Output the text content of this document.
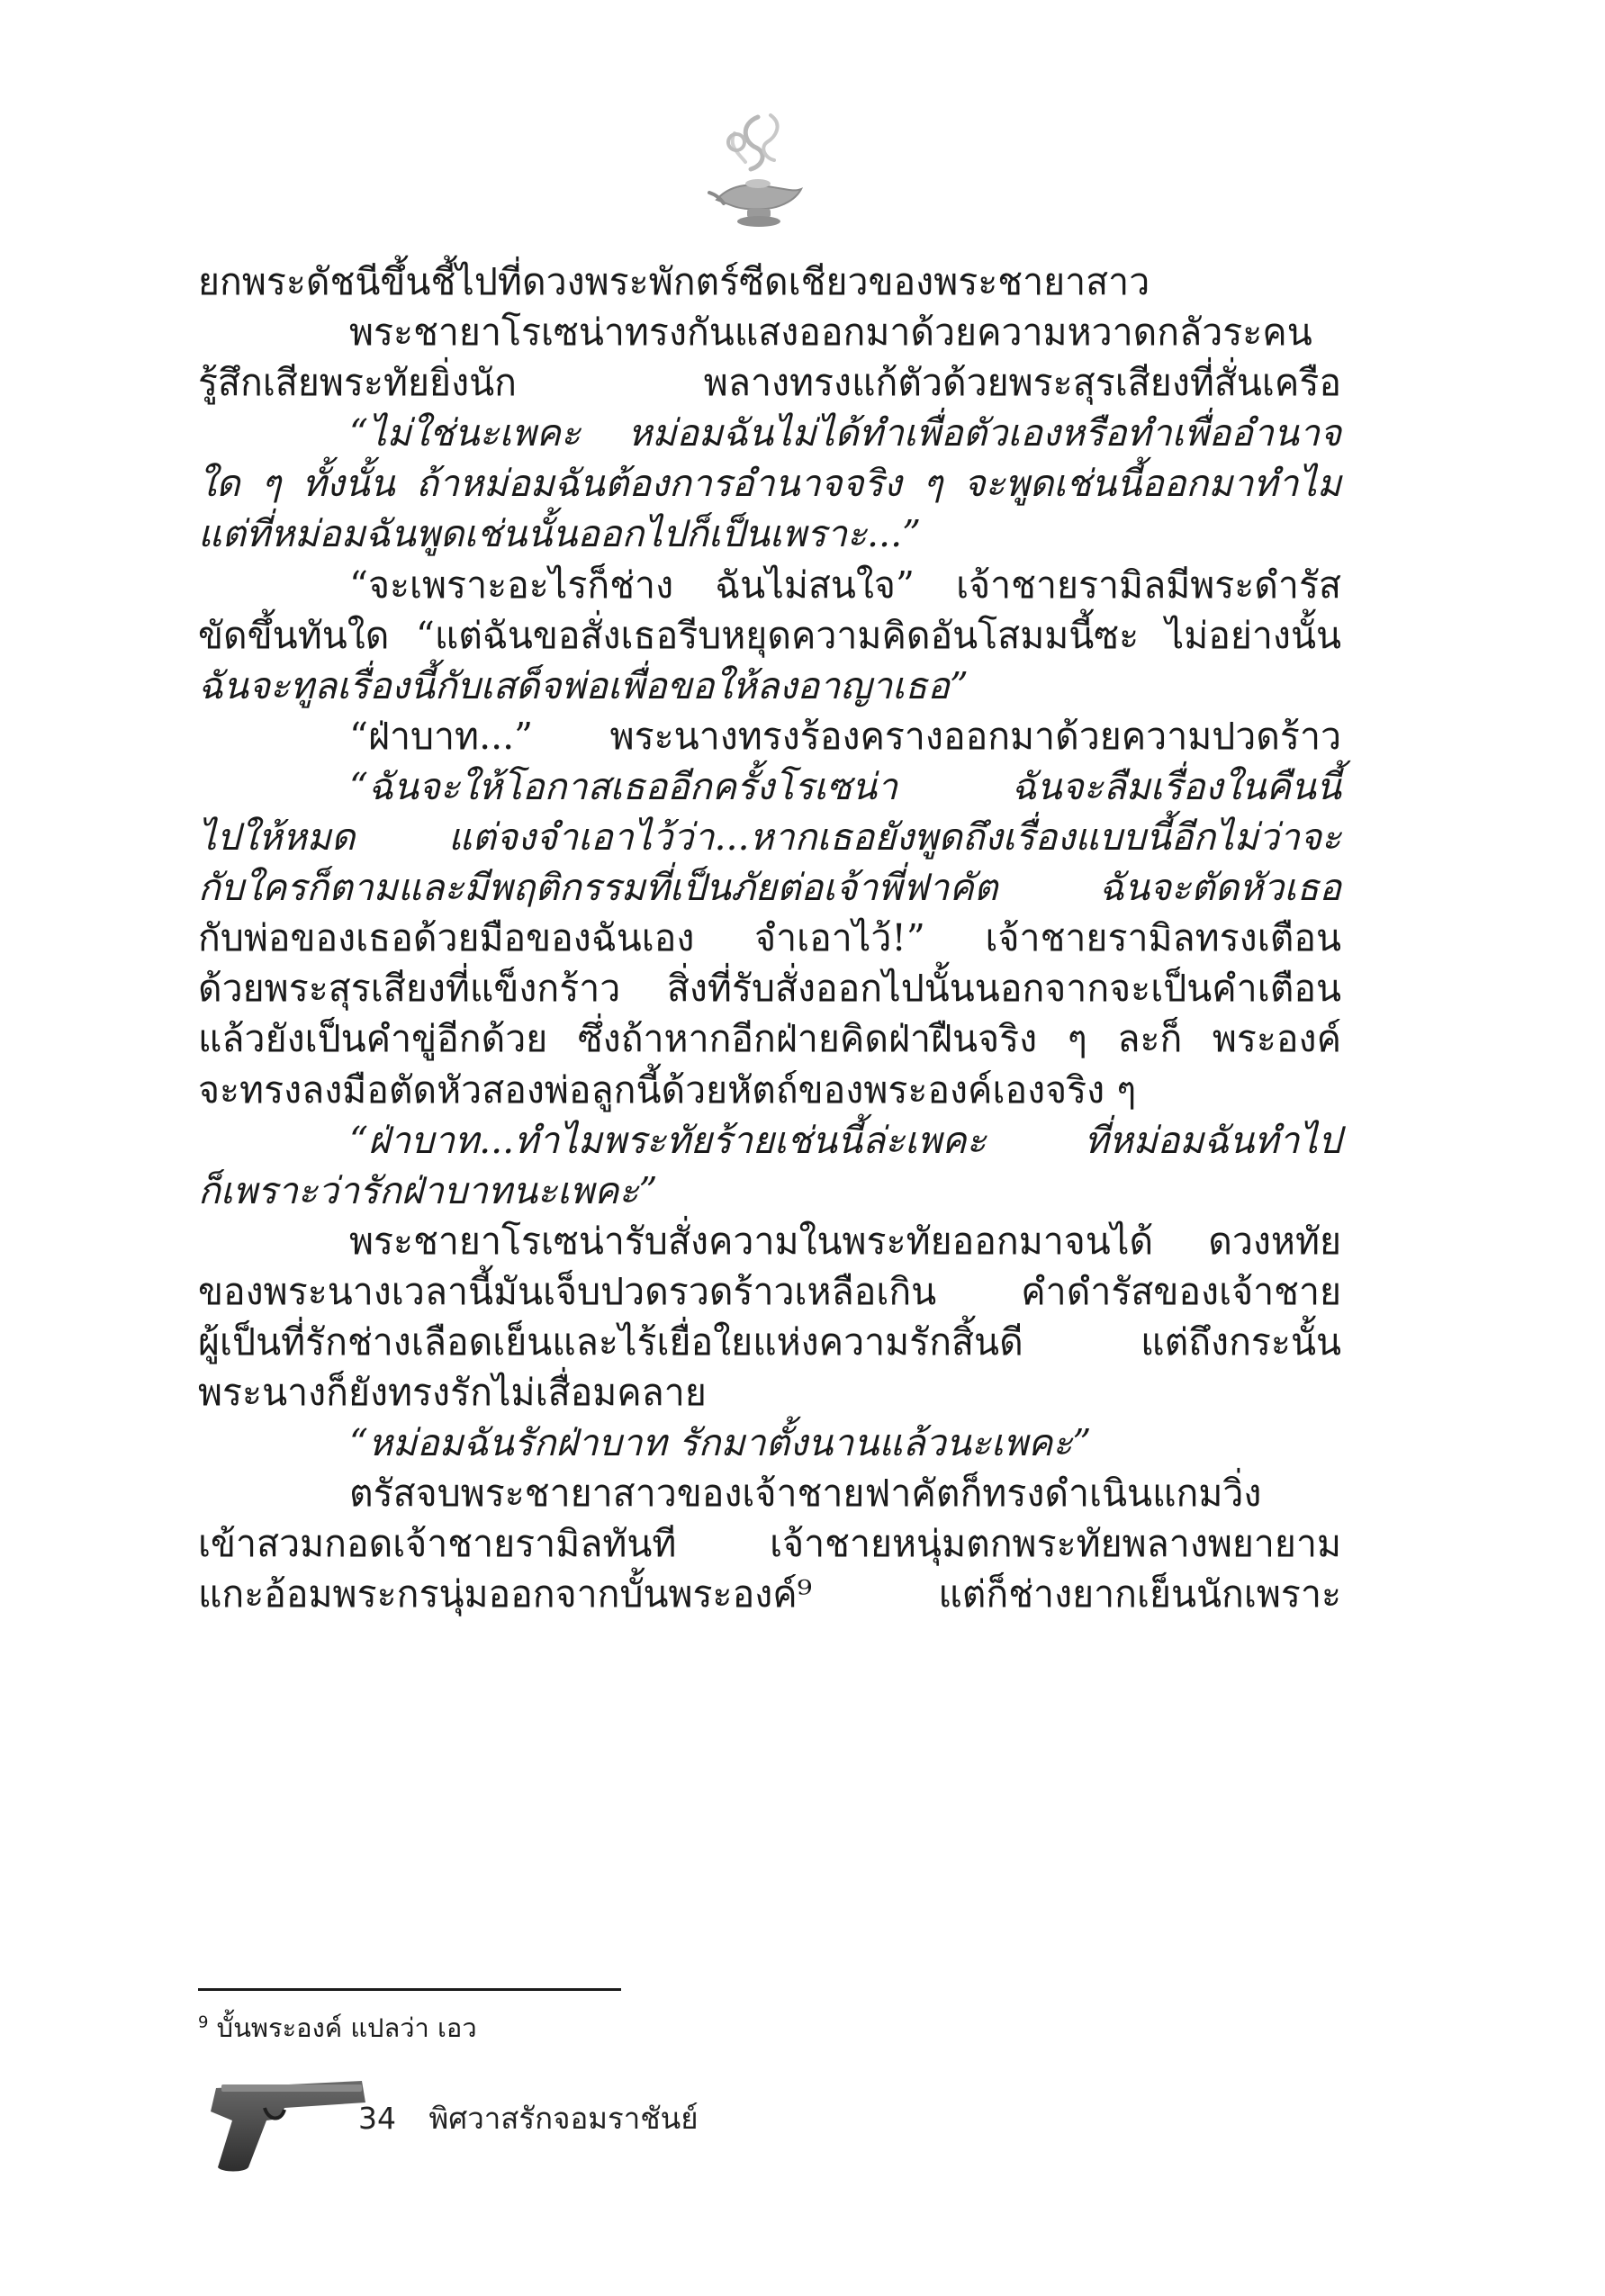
ยกพระดัชนีขึ้นชี้ไปที่ดวงพระพักตร์ซีดเชียวของพระชายาสาว
พระชายาโรเซน่าทรงกันแสงออกมาด้วยความหวาดกลัวระคน
รู้สึกเสียพระทัยยิ่งนัก พลางทรงแก้ตัวด้วยพระสุรเสียงที่สั่นเครือ
“ไม่ใช่นะเพคะ หม่อมฉันไม่ได้ทำเพื่อตัวเองหรือทำเพื่ออำนาจ
ใด ๆ ทั้งนั้น ถ้าหม่อมฉันต้องการอำนาจจริง ๆ จะพูดเช่นนี้ออกมาทำไม
แต่ที่หม่อมฉันพูดเช่นนั้นออกไปก็เป็นเพราะ...”
“จะเพราะอะไรก็ช่าง ฉันไม่สนใจ” เจ้าชายรามิลมีพระดำรัส
ขัดขึ้นทันใด “แต่ฉันขอสั่งเธอรีบหยุดความคิดอันโสมมนี้ซะ ไม่อย่างนั้น
ฉันจะทูลเรื่องนี้กับเสด็จพ่อเพื่อขอให้ลงอาญาเธอ”
“ฝ่าบาท...” พระนางทรงร้องครางออกมาด้วยความปวดร้าว
“ฉันจะให้โอกาสเธออีกครั้งโรเซน่า ฉันจะลืมเรื่องในคืนนี้
ไปให้หมด แต่จงจำเอาไว้ว่า...หากเธอยังพูดถึงเรื่องแบบนี้อีกไม่ว่าจะ
กับใครก็ตามและมีพฤติกรรมที่เป็นภัยต่อเจ้าพี่ฟาคัต ฉันจะตัดหัวเธอ
กับพ่อของเธอด้วยมือของฉันเอง จำเอาไว้!” เจ้าชายรามิลทรงเตือน
ด้วยพระสุรเสียงที่แข็งกร้าว สิ่งที่รับสั่งออกไปนั้นนอกจากจะเป็นคำเตือน
แล้วยังเป็นคำขู่อีกด้วย ซึ่งถ้าหากอีกฝ่ายคิดฝ่าฝืนจริง ๆ ละก็ พระองค์
จะทรงลงมือตัดหัวสองพ่อลูกนี้ด้วยหัตถ์ของพระองค์เองจริง ๆ
“ฝ่าบาท...ทำไมพระทัยร้ายเช่นนี้ล่ะเพคะ ที่หม่อมฉันทำไป
ก็เพราะว่ารักฝ่าบาทนะเพคะ”
พระชายาโรเซน่ารับสั่งความในพระทัยออกมาจนได้ ดวงหทัย
ของพระนางเวลานี้มันเจ็บปวดรวดร้าวเหลือเกิน คำดำรัสของเจ้าชาย
ผู้เป็นที่รักช่างเลือดเย็นและไร้เยื่อใยแห่งความรักสิ้นดี แต่ถึงกระนั้น
พระนางก็ยังทรงรักไม่เสื่อมคลาย
“หม่อมฉันรักฝ่าบาท รักมาตั้งนานแล้วนะเพคะ”
ตรัสจบพระชายาสาวของเจ้าชายฟาคัตก็ทรงดำเนินแกมวิ่ง
เข้าสวมกอดเจ้าชายรามิลทันที เจ้าชายหนุ่มตกพระทัยพลางพยายาม
แกะอ้อมพระกรนุ่มออกจากบั้นพระองค์⁹ แต่ก็ช่างยากเย็นนักเพราะ
$^9$ บั้นพระองค์ แปลว่า เอว
34 พิศวาสรักจอมราชันย์
